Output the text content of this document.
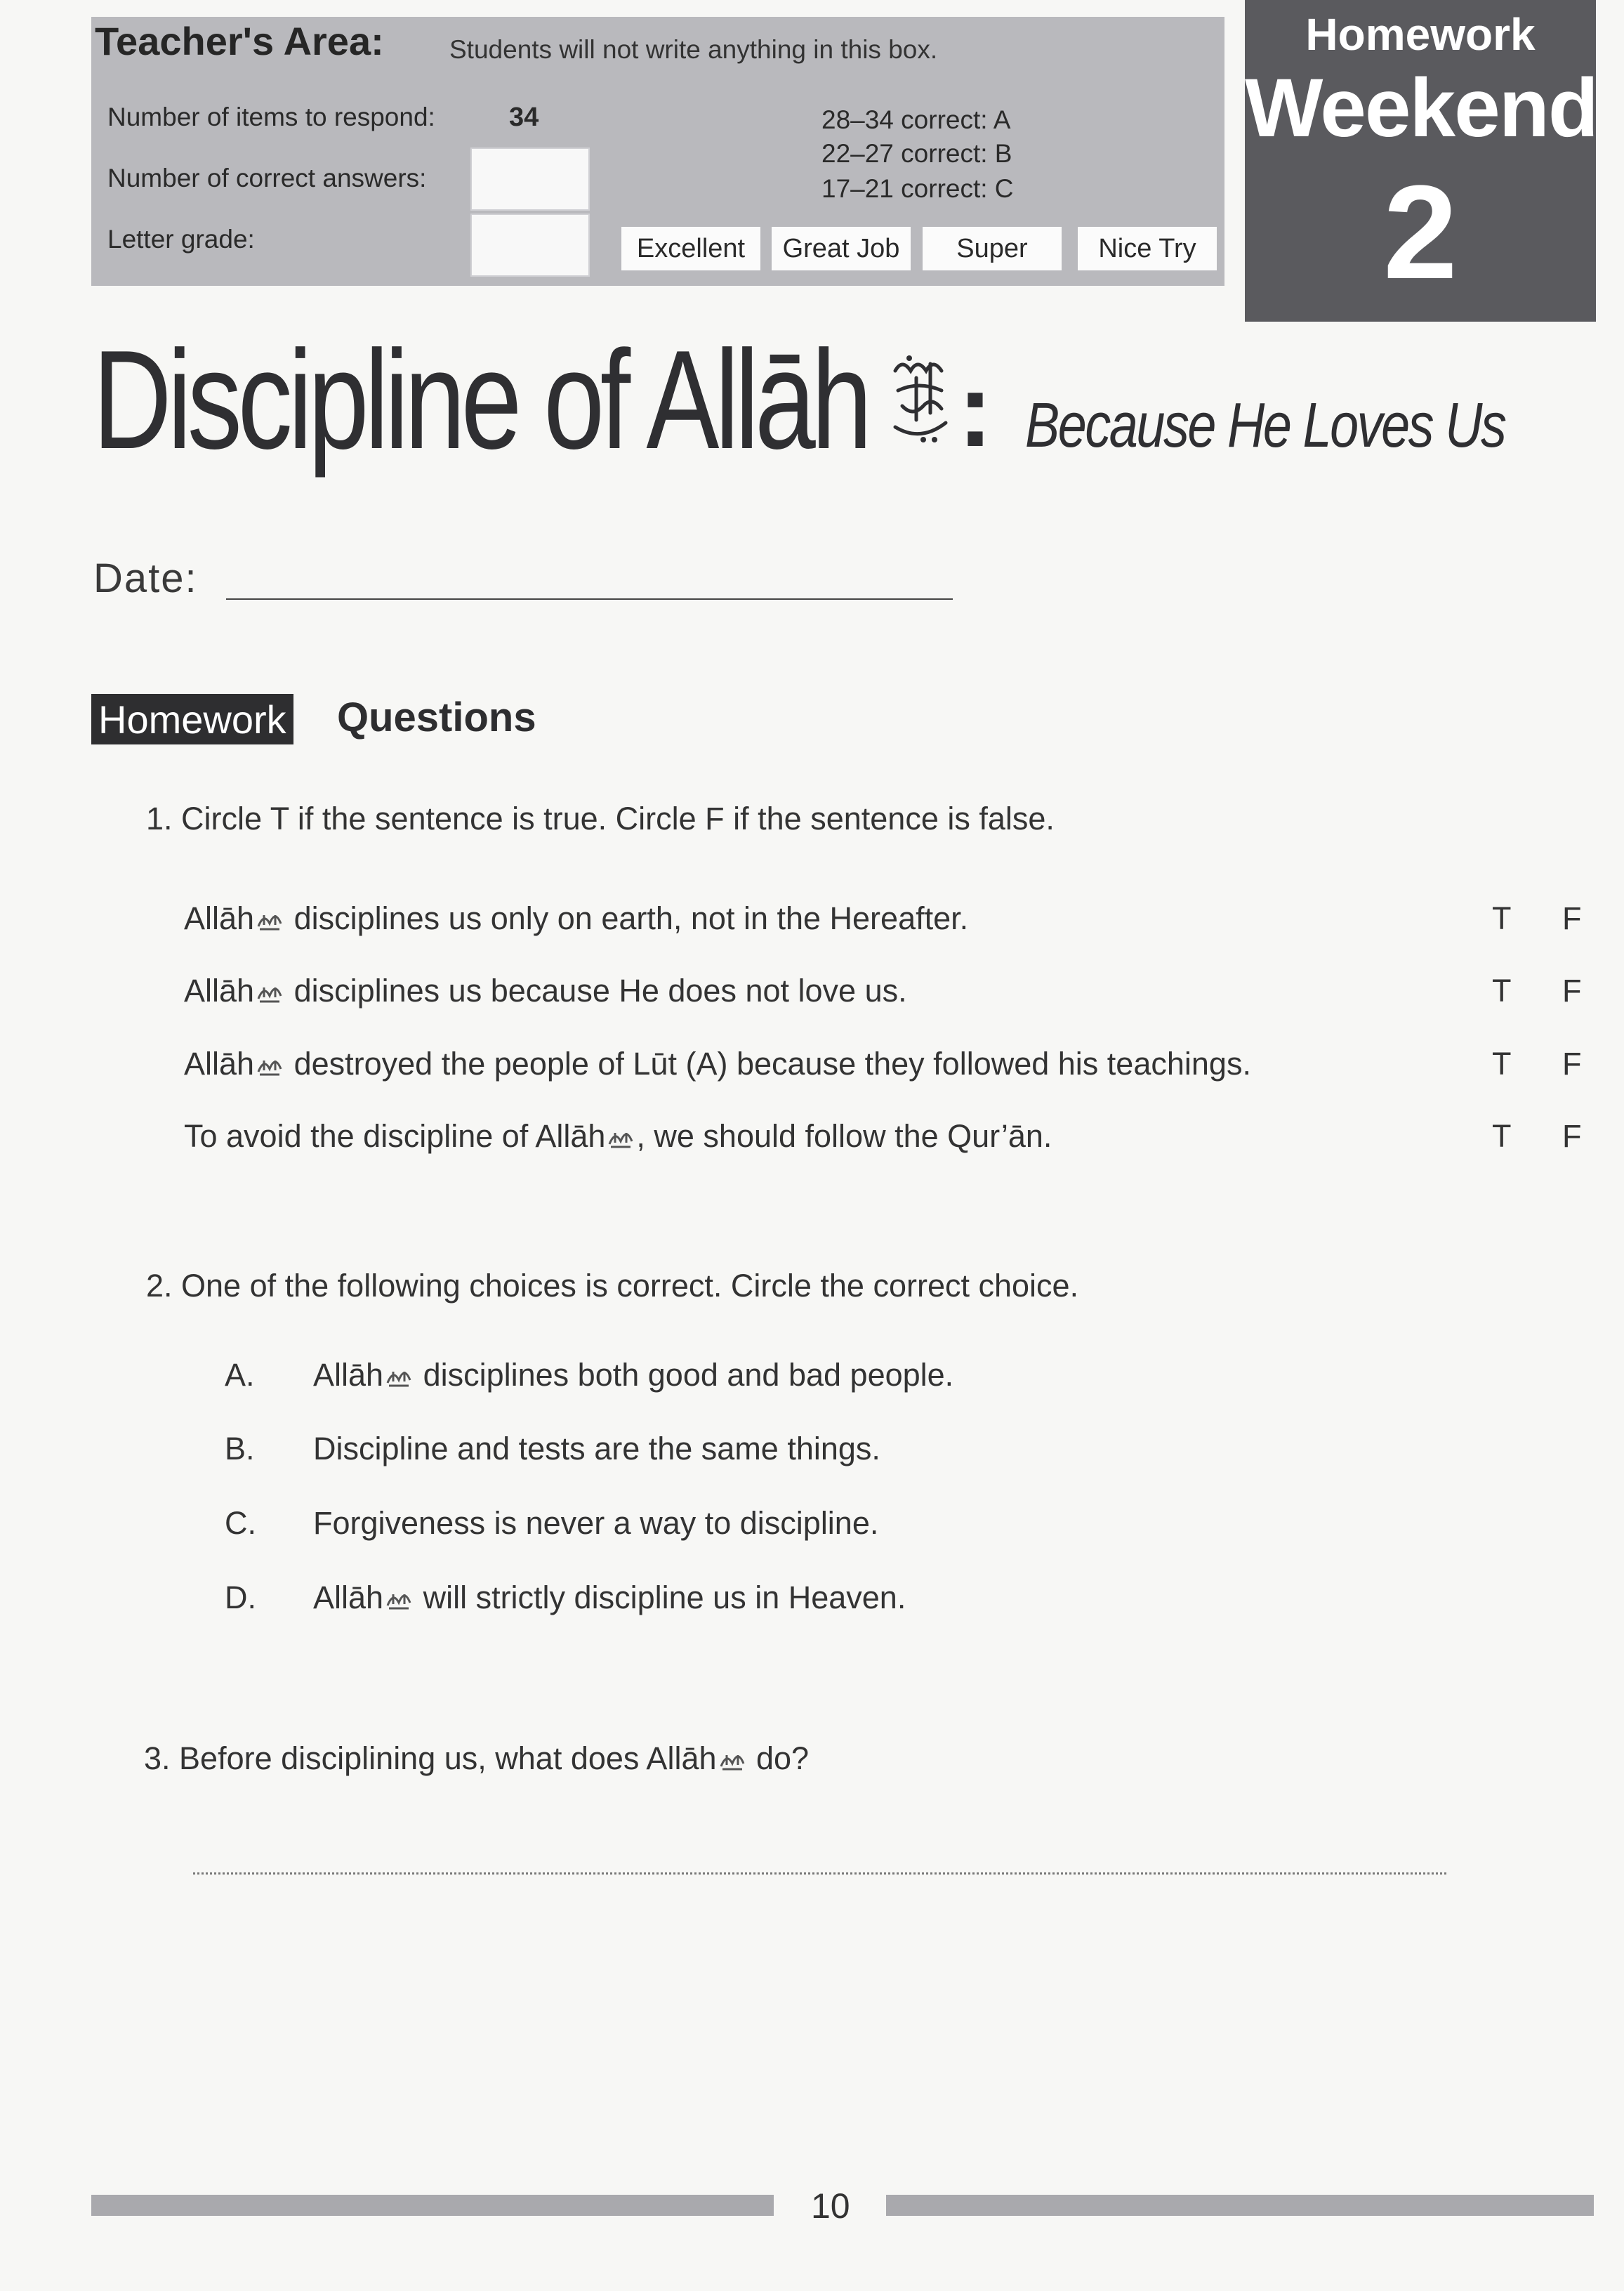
Teacher's Area:	Students will not write anything in this box.
Number of items to respond:	34
Number of correct answers:
Letter grade:
28–34 correct: A
22–27 correct: B
17–21 correct: C
Excellent	Great Job	Super	Nice Try
Homework
Weekend
2
Discipline of Allāh : Because He Loves Us
Date:
Homework Questions
1. Circle T if the sentence is true. Circle F if the sentence is false.
Allāh disciplines us only on earth, not in the Hereafter.	T F
Allāh disciplines us because He does not love us.	T F
Allāh destroyed the people of Lūt (A) because they followed his teachings.	T F
To avoid the discipline of Allāh , we should follow the Qur’ān.	T F
2. One of the following choices is correct. Circle the correct choice.
A. Allāh disciplines both good and bad people.
B. Discipline and tests are the same things.
C. Forgiveness is never a way to discipline.
D. Allāh will strictly discipline us in Heaven.
3. Before disciplining us, what does Allāh do?
10
